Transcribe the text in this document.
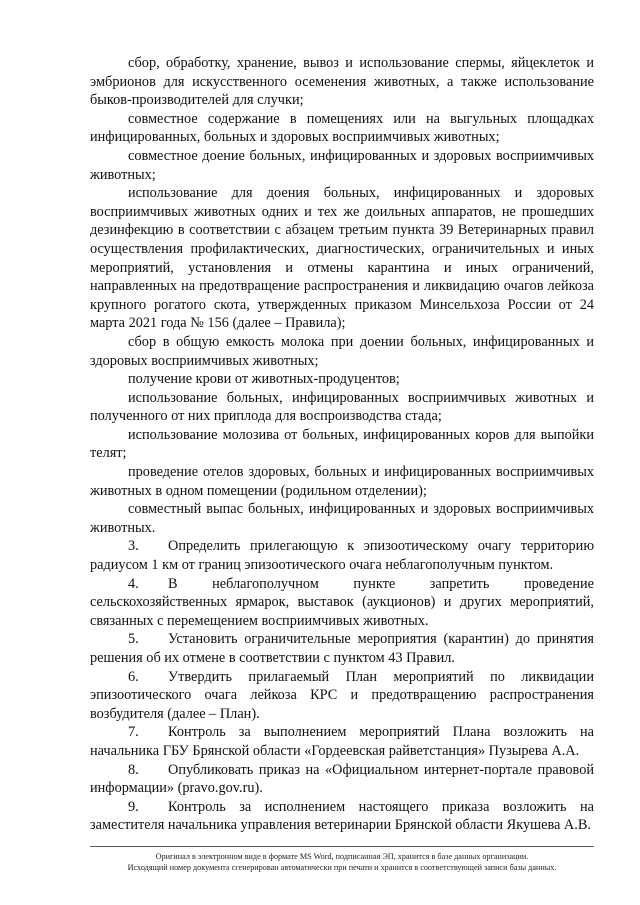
сбор, обработку, хранение, вывоз и использование спермы, яйцеклеток и эмбрионов для искусственного осеменения животных, а также использование быков-производителей для случки;

совместное содержание в помещениях или на выгульных площадках инфицированных, больных и здоровых восприимчивых животных;

совместное доение больных, инфицированных и здоровых восприимчивых животных;

использование для доения больных, инфицированных и здоровых восприимчивых животных одних и тех же доильных аппаратов, не прошедших дезинфекцию в соответствии с абзацем третьим пункта 39 Ветеринарных правил осуществления профилактических, диагностических, ограничительных и иных мероприятий, установления и отмены карантина и иных ограничений, направленных на предотвращение распространения и ликвидацию очагов лейкоза крупного рогатого скота, утвержденных приказом Минсельхоза России от 24 марта 2021 года № 156 (далее – Правила);

сбор в общую емкость молока при доении больных, инфицированных и здоровых восприимчивых животных;

получение крови от животных-продуцентов;

использование больных, инфицированных восприимчивых животных и полученного от них приплода для воспроизводства стада;

использование молозива от больных, инфицированных коров для выпойки телят;

проведение отелов здоровых, больных и инфицированных восприимчивых животных в одном помещении (родильном отделении);

совместный выпас больных, инфицированных и здоровых восприимчивых животных.

3. Определить прилегающую к эпизоотическому очагу территорию радиусом 1 км от границ эпизоотического очага неблагополучным пунктом.

4. В неблагополучном пункте запретить проведение сельскохозяйственных ярмарок, выставок (аукционов) и других мероприятий, связанных с перемещением восприимчивых животных.

5. Установить ограничительные мероприятия (карантин) до принятия решения об их отмене в соответствии с пунктом 43 Правил.

6. Утвердить прилагаемый План мероприятий по ликвидации эпизоотического очага лейкоза КРС и предотвращению распространения возбудителя (далее – План).

7. Контроль за выполнением мероприятий Плана возложить на начальника ГБУ Брянской области «Гордеевская райветстанция» Пузырева А.А.

8. Опубликовать приказ на «Официальном интернет-портале правовой информации» (pravo.gov.ru).

9. Контроль за исполнением настоящего приказа возложить на заместителя начальника управления ветеринарии Брянской области Якушева А.В.

Оригинал в электронном виде в формате MS Word, подписанная ЭП, хранится в базе данных организации.
Исходящий номер документа сгенерирован автоматически при печати и хранится в соответствующей записи базы данных.
